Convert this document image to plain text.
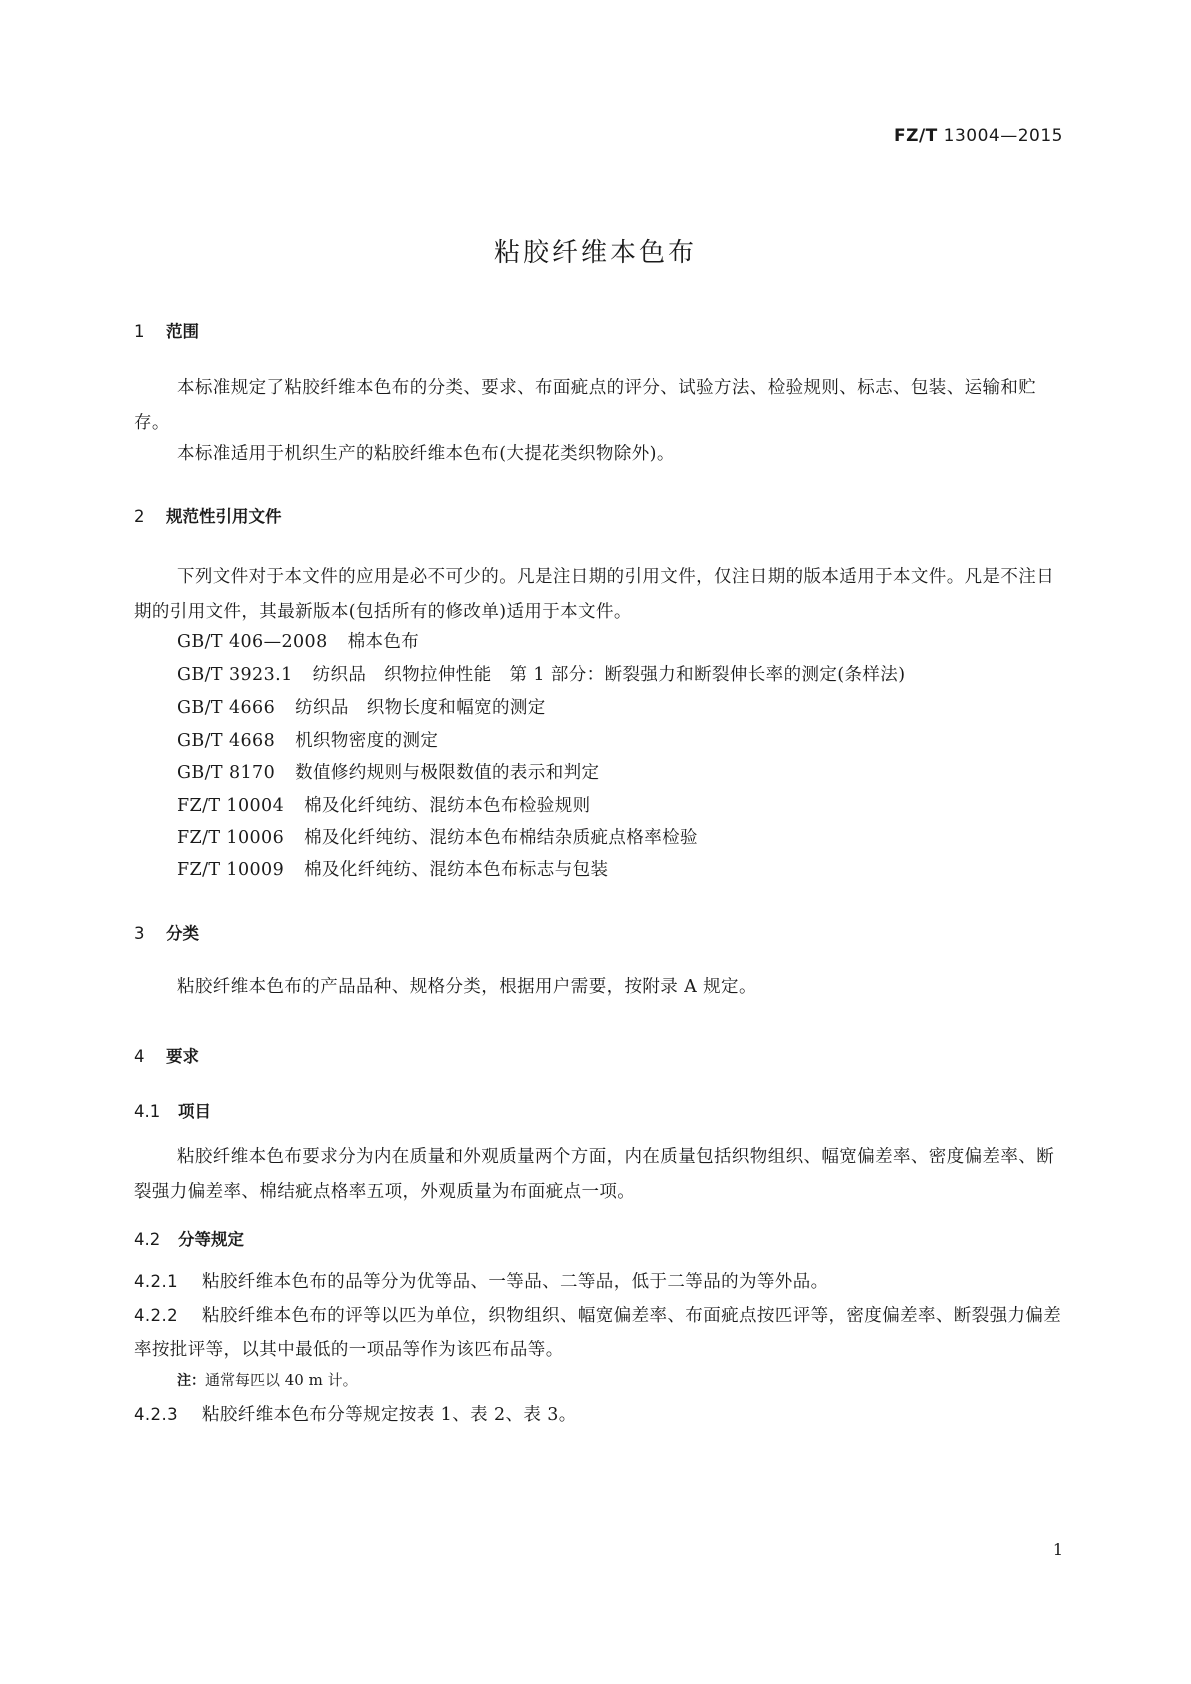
FZ/T 13004—2015
粘胶纤维本色布
1 范围
本标准规定了粘胶纤维本色布的分类、要求、布面疵点的评分、试验方法、检验规则、标志、包装、运输和贮存。
本标准适用于机织生产的粘胶纤维本色布(大提花类织物除外)。
2 规范性引用文件
下列文件对于本文件的应用是必不可少的。凡是注日期的引用文件，仅注日期的版本适用于本文件。凡是不注日期的引用文件，其最新版本(包括所有的修改单)适用于本文件。
GB/T 406—2008 棉本色布
GB/T 3923.1 纺织品　织物拉伸性能　第 1 部分：断裂强力和断裂伸长率的测定(条样法)
GB/T 4666 纺织品　织物长度和幅宽的测定
GB/T 4668 机织物密度的测定
GB/T 8170 数值修约规则与极限数值的表示和判定
FZ/T 10004 棉及化纤纯纺、混纺本色布检验规则
FZ/T 10006 棉及化纤纯纺、混纺本色布棉结杂质疵点格率检验
FZ/T 10009 棉及化纤纯纺、混纺本色布标志与包装
3 分类
粘胶纤维本色布的产品品种、规格分类，根据用户需要，按附录 A 规定。
4 要求
4.1 项目
粘胶纤维本色布要求分为内在质量和外观质量两个方面，内在质量包括织物组织、幅宽偏差率、密度偏差率、断裂强力偏差率、棉结疵点格率五项，外观质量为布面疵点一项。
4.2 分等规定
4.2.1 粘胶纤维本色布的品等分为优等品、一等品、二等品，低于二等品的为等外品。
4.2.2 粘胶纤维本色布的评等以匹为单位，织物组织、幅宽偏差率、布面疵点按匹评等，密度偏差率、断裂强力偏差率按批评等，以其中最低的一项品等作为该匹布品等。
注：通常每匹以 40 m 计。
4.2.3 粘胶纤维本色布分等规定按表 1、表 2、表 3。
1
